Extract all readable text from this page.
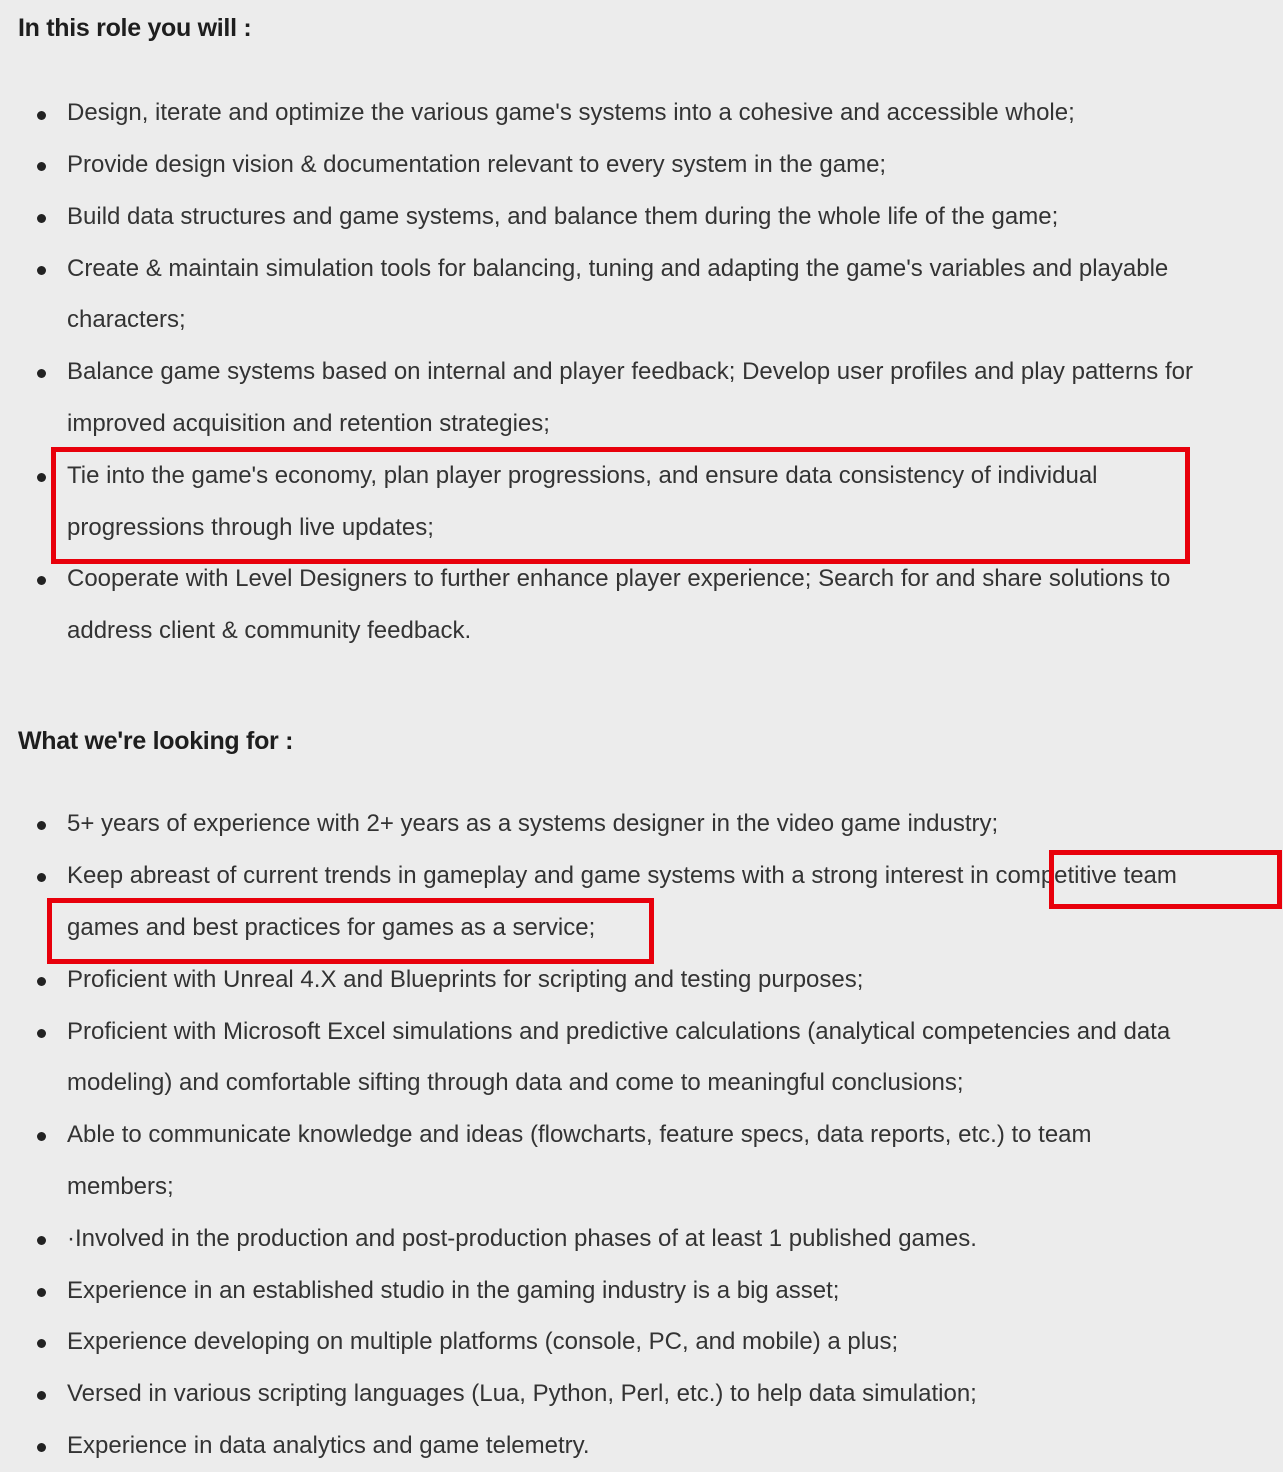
In this role you will :
Design, iterate and optimize the various game's systems into a cohesive and accessible whole;
Provide design vision & documentation relevant to every system in the game;
Build data structures and game systems, and balance them during the whole life of the game;
Create & maintain simulation tools for balancing, tuning and adapting the game's variables and playable
characters;
Balance game systems based on internal and player feedback; Develop user profiles and play patterns for
improved acquisition and retention strategies;
Tie into the game's economy, plan player progressions, and ensure data consistency of individual
progressions through live updates;
Cooperate with Level Designers to further enhance player experience; Search for and share solutions to
address client & community feedback.
What we're looking for :
5+ years of experience with 2+ years as a systems designer in the video game industry;
Keep abreast of current trends in gameplay and game systems with a strong interest in competitive team
games and best practices for games as a service;
Proficient with Unreal 4.X and Blueprints for scripting and testing purposes;
Proficient with Microsoft Excel simulations and predictive calculations (analytical competencies and data
modeling) and comfortable sifting through data and come to meaningful conclusions;
Able to communicate knowledge and ideas (flowcharts, feature specs, data reports, etc.) to team
members;
·Involved in the production and post-production phases of at least 1 published games.
Experience in an established studio in the gaming industry is a big asset;
Experience developing on multiple platforms (console, PC, and mobile) a plus;
Versed in various scripting languages (Lua, Python, Perl, etc.) to help data simulation;
Experience in data analytics and game telemetry.
